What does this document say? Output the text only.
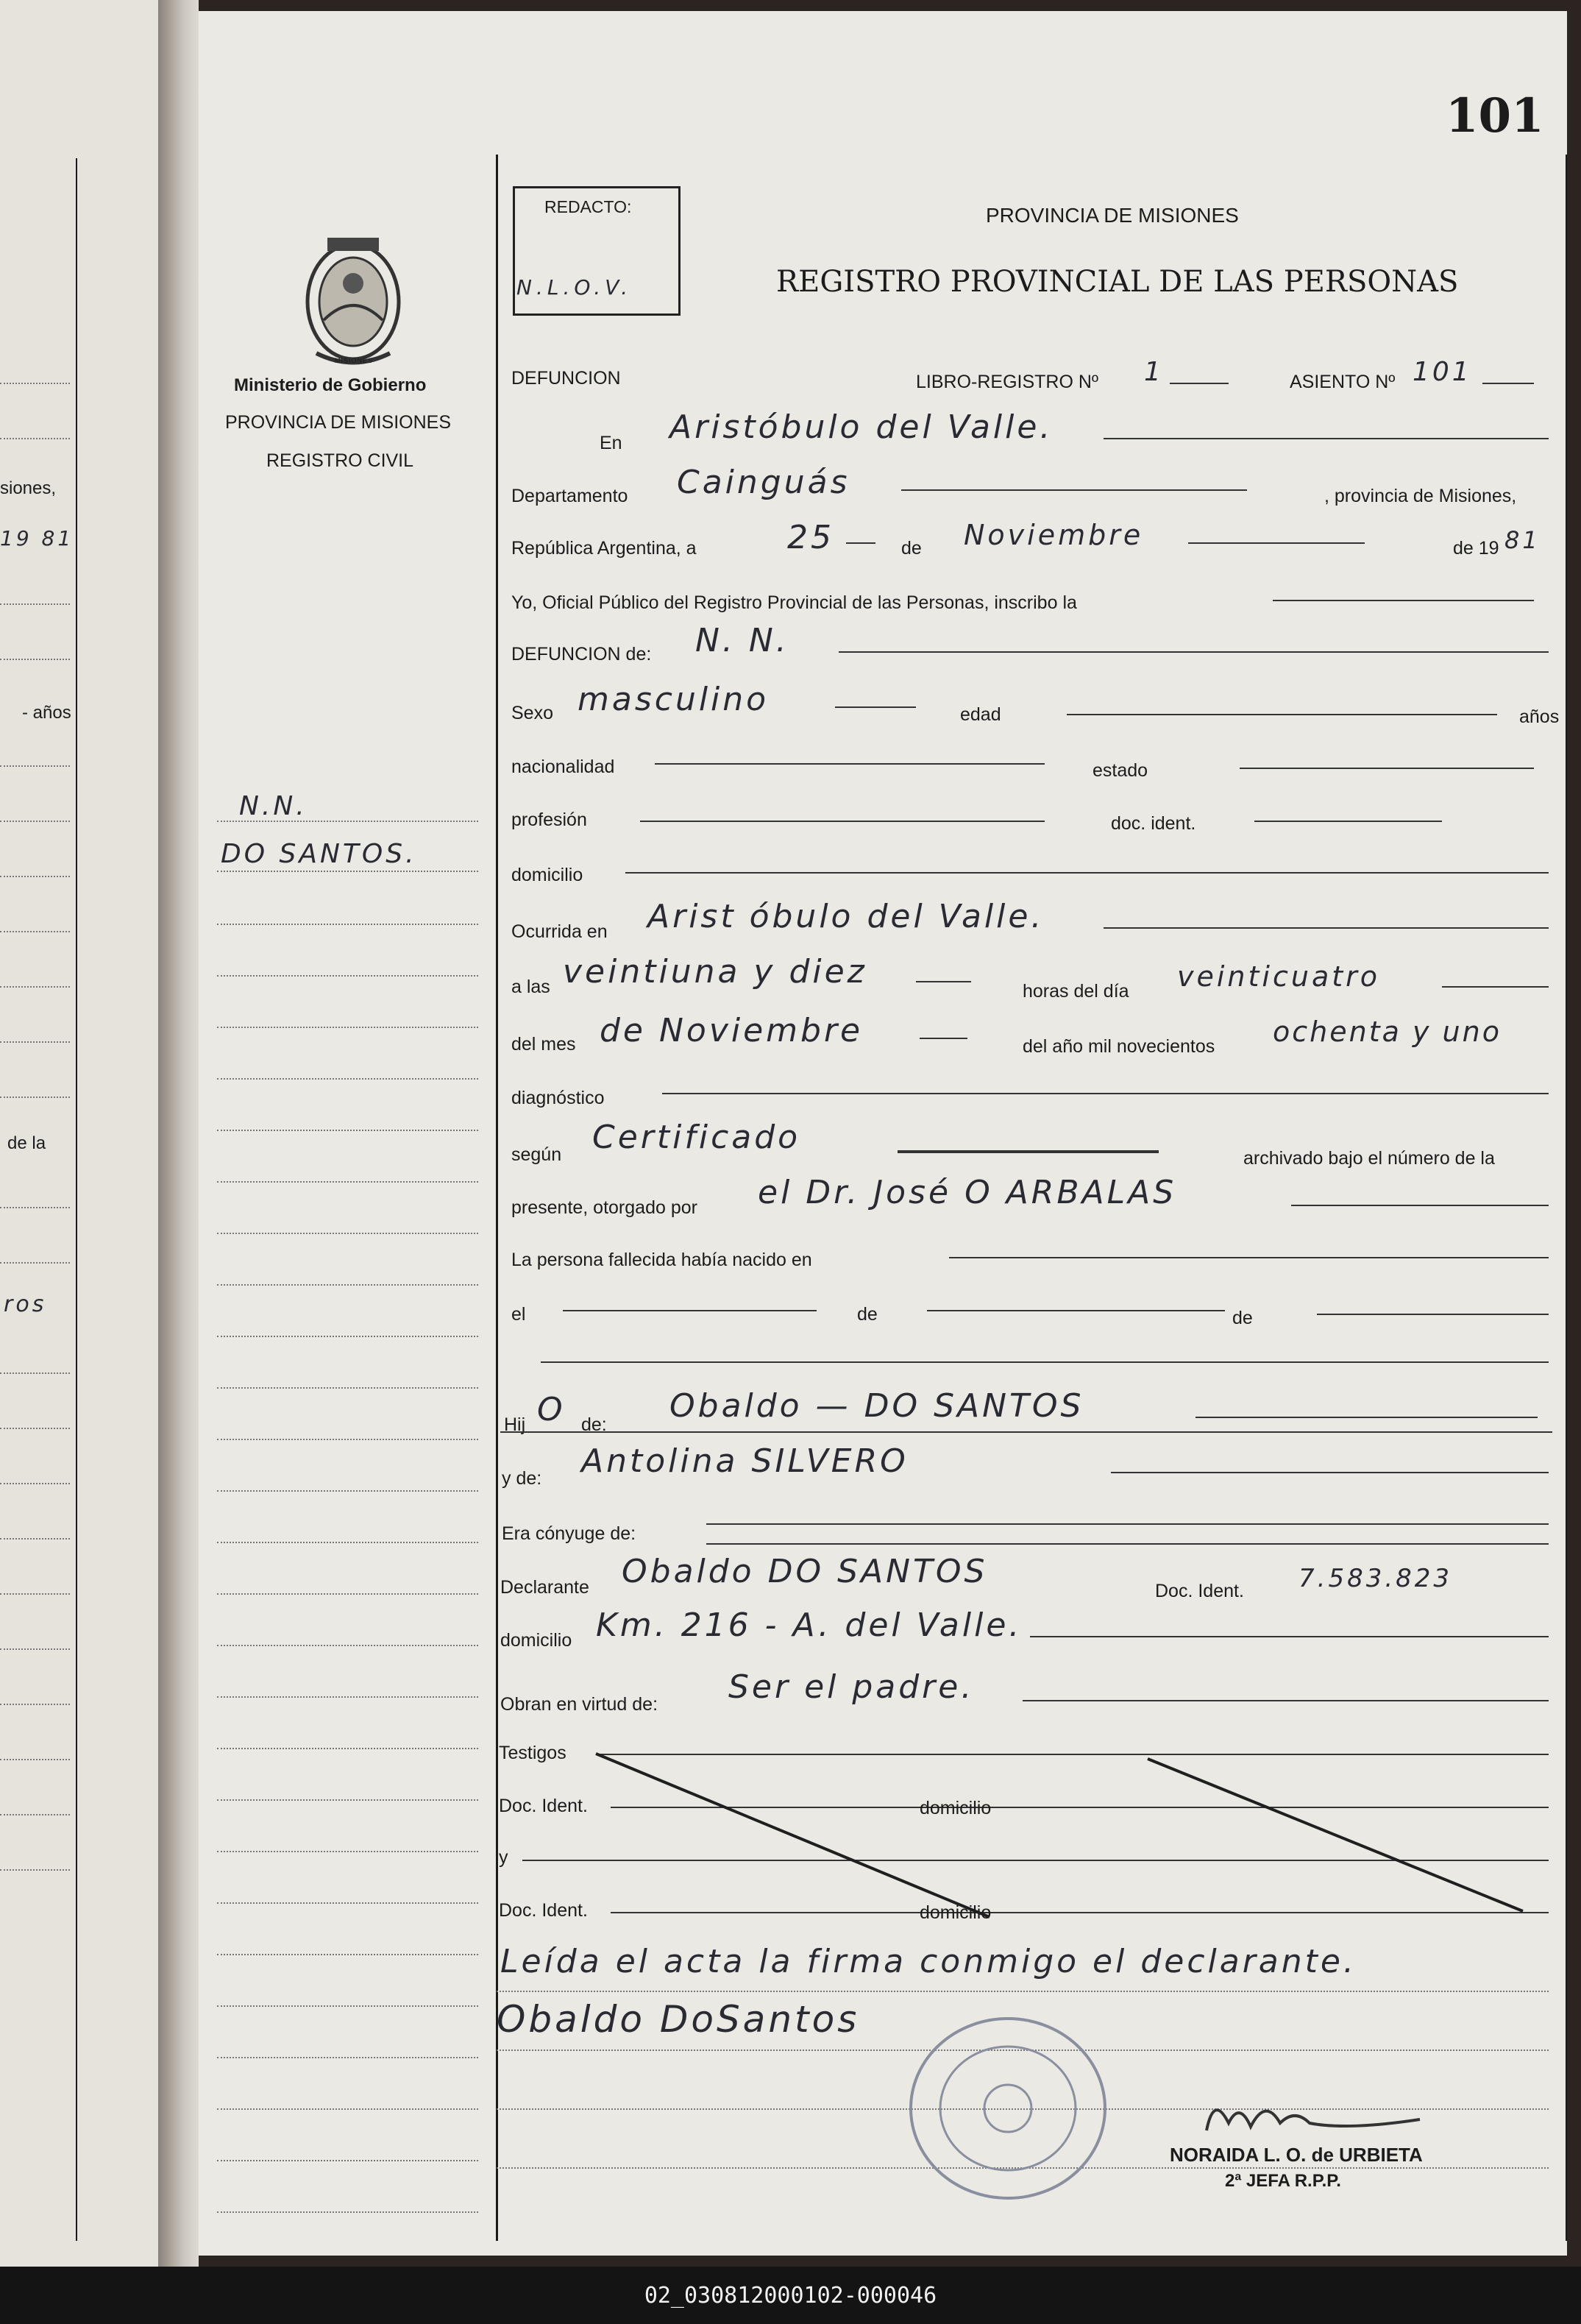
siones,
19 81
- años
de la
ros
101
REDACTO:
N.L.O.V.
PROVINCIA DE MISIONES
REGISTRO PROVINCIAL DE LAS PERSONAS
MISIONES
Ministerio de Gobierno
PROVINCIA DE MISIONES
REGISTRO CIVIL
N.N.
DO SANTOS.
DEFUNCION	LIBRO-REGISTRO Nº 1	ASIENTO Nº 101
En Aristóbulo del Valle.
Departamento Cainguás	, provincia de Misiones,
República Argentina, a	25	de Noviembre	de 19 81
Yo, Oficial Público del Registro Provincial de las Personas, inscribo la
DEFUNCION de: N. N.
Sexo masculino	edad	años
nacionalidad	estado
profesión	doc. ident.
domicilio
Ocurrida en Arist óbulo del Valle.
a las veintiuna y diez
horas del día veinticuatro
del mes de Noviembre	del año mil novecientos ochenta y uno
diagnóstico
según Certificado
archivado bajo el número de la
presente, otorgado por el Dr. José O ARBALAS
La persona fallecida había nacido en
el	de	de
Hij O de: Obaldo — DO SANTOS
y de: Antolina SILVERO
Era cónyuge de:
Declarante Obaldo DO SANTOS
Doc. Ident. 7.583.823
domicilio Km. 216 - A. del Valle.
Obran en virtud de: Ser el padre.
Testigos
Doc. Ident.	domicilio
y
Doc. Ident.	domicilio
Leída el acta la firma conmigo el declarante.
Obaldo DoSantos
NORAIDA L. O. de URBIETA
2ª JEFA R.P.P.
02_030812000102-000046
